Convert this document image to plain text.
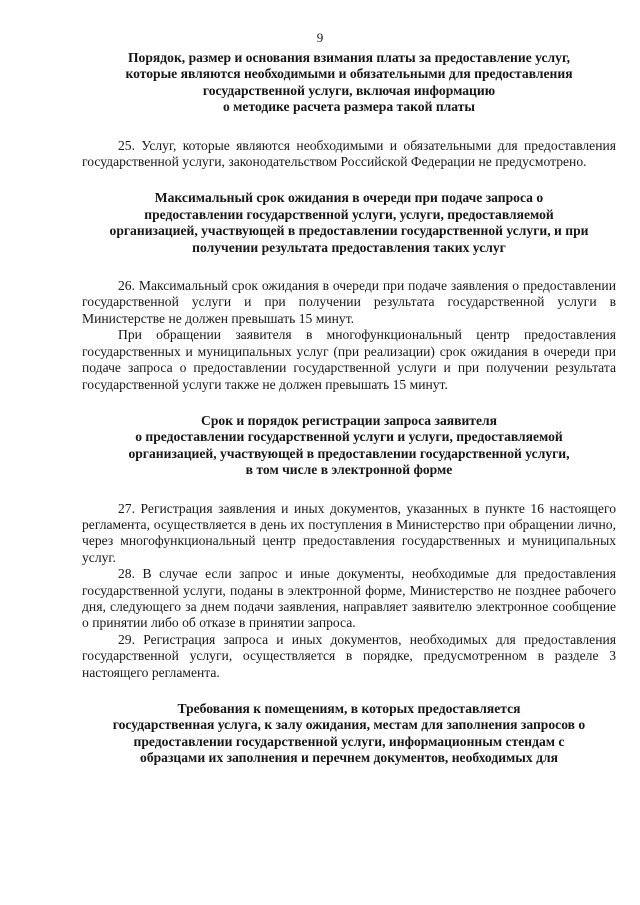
9
Порядок, размер и основания взимания платы за предоставление услуг,
которые являются необходимыми и обязательными для предоставления
государственной услуги, включая информацию
о методике расчета размера такой платы

25. Услуг, которые являются необходимыми и обязательными для предоставления государственной услуги, законодательством Российской Федерации не предусмотрено.

Максимальный срок ожидания в очереди при подаче запроса о
предоставлении государственной услуги, услуги, предоставляемой
организацией, участвующей в предоставлении государственной услуги, и при
получении результата предоставления таких услуг

26. Максимальный срок ожидания в очереди при подаче заявления о предоставлении государственной услуги и при получении результата государственной услуги в Министерстве не должен превышать 15 минут.

При обращении заявителя в многофункциональный центр предоставления государственных и муниципальных услуг (при реализации) срок ожидания в очереди при подаче запроса о предоставлении государственной услуги и при получении результата государственной услуги также не должен превышать 15 минут.

Срок и порядок регистрации запроса заявителя
о предоставлении государственной услуги и услуги, предоставляемой
организацией, участвующей в предоставлении государственной услуги,
в том числе в электронной форме

27. Регистрация заявления и иных документов, указанных в пункте 16 настоящего регламента, осуществляется в день их поступления в Министерство при обращении лично, через многофункциональный центр предоставления государственных и муниципальных услуг.

28. В случае если запрос и иные документы, необходимые для предоставления государственной услуги, поданы в электронной форме, Министерство не позднее рабочего дня, следующего за днем подачи заявления, направляет заявителю электронное сообщение о принятии либо об отказе в принятии запроса.

29. Регистрация запроса и иных документов, необходимых для предоставления государственной услуги, осуществляется в порядке, предусмотренном в разделе 3 настоящего регламента.

Требования к помещениям, в которых предоставляется
государственная услуга, к залу ожидания, местам для заполнения запросов о
предоставлении государственной услуги, информационным стендам с
образцами их заполнения и перечнем документов, необходимых для
